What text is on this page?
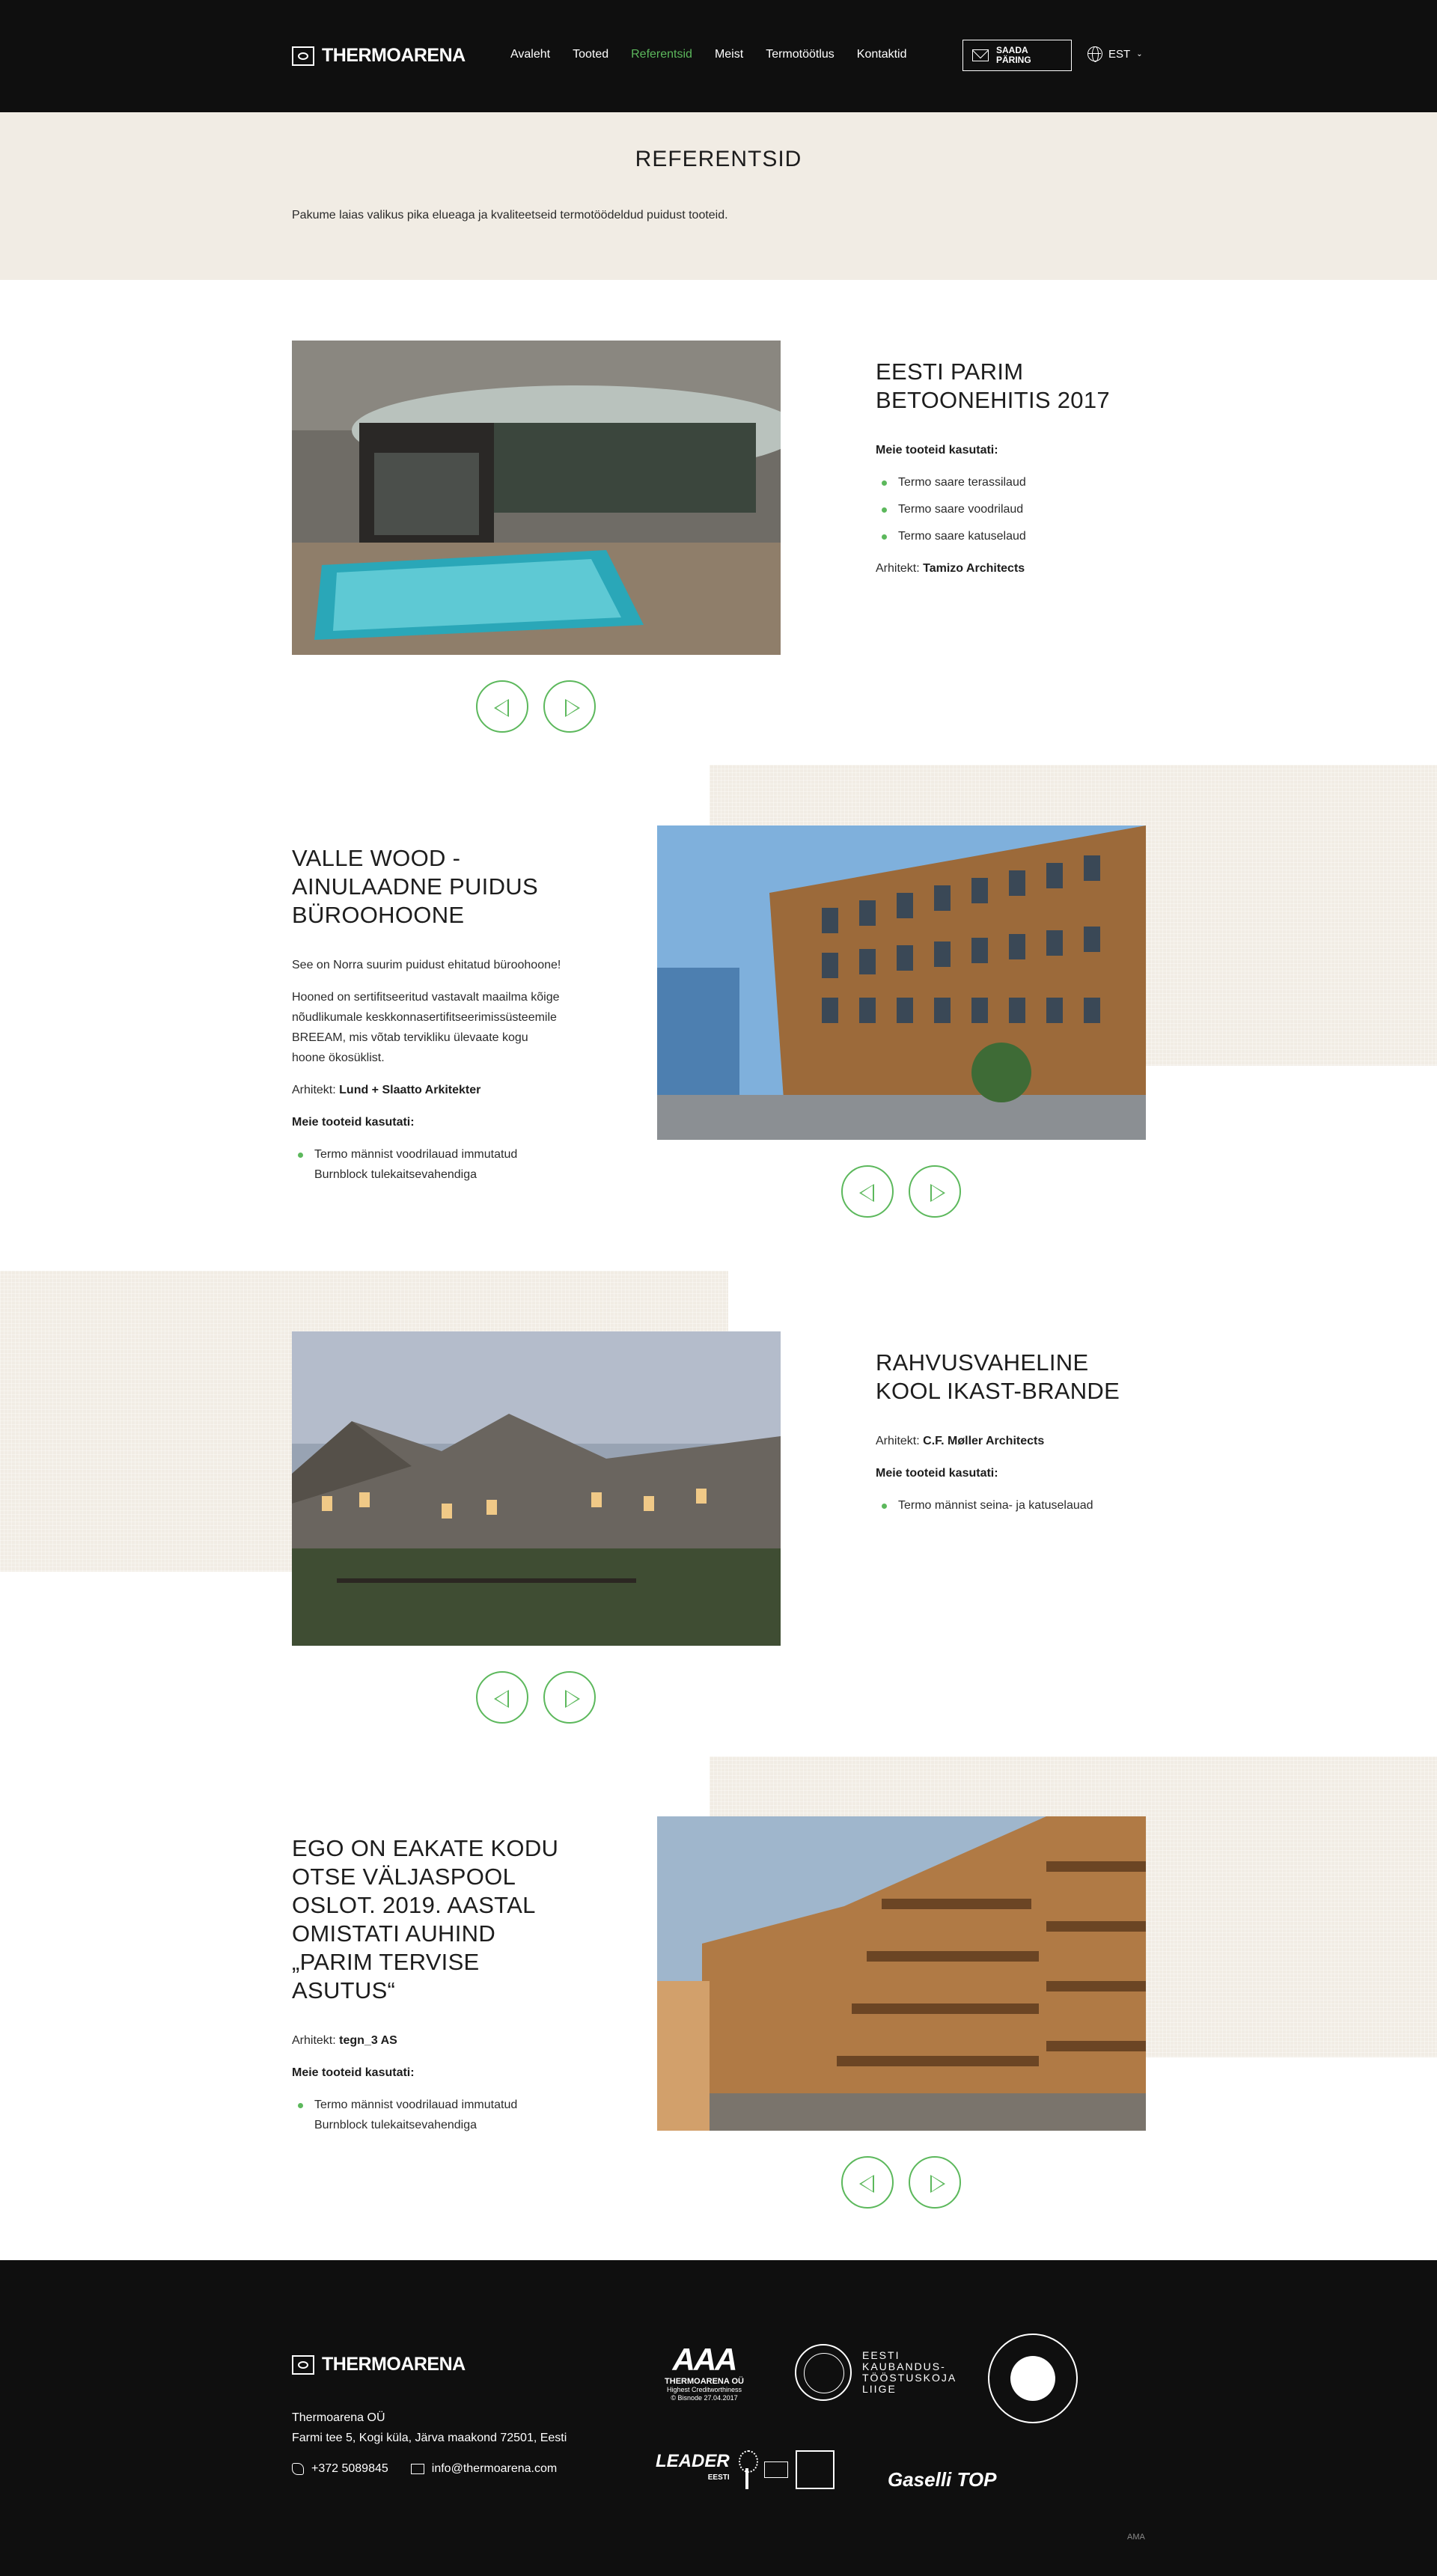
THERMOARENA	Avaleht Tooted Referentsid Meist Termotöötlus Kontaktid	SAADA PÄRING	EST ⌄
REFERENTSID

Pakume laias valikus pika elueaga ja kvaliteetseid termotöödeldud puidust tooteid.

EESTI PARIM BETOONEHITIS 2017

Meie tooteid kasutati:

Termo saare terassilaud
Termo saare voodrilaud
Termo saare katuselaud
Arhitekt: Tamizo Architects
VALLE WOOD - AINULAADNE PUIDUS BÜROOHOONE

See on Norra suurim puidust ehitatud büroohoone!

Hooned on sertifitseeritud vastavalt maailma kõige nõudlikumale keskkonnasertifitseerimissüsteemile BREEAM, mis võtab tervikliku ülevaate kogu hoone ökosüklist.

Arhitekt: Lund + Slaatto Arkitekter

Meie tooteid kasutati:

Termo männist voodrilauad immutatud Burnblock tulekaitsevahendiga
RAHVUSVAHELINE KOOL IKAST-BRANDE
Arhitekt: C.F. Møller Architects

Meie tooteid kasutati:

Termo männist seina- ja katuselauad
EGO ON EAKATE KODU OTSE VÄLJASPOOL OSLOT. 2019. AASTAL OMISTATI AUHIND „PARIM TERVISE ASUTUS“
Arhitekt: tegn_3 AS

Meie tooteid kasutati:

Termo männist voodrilauad immutatud Burnblock tulekaitsevahendiga
THERMOARENA
Thermoarena OÜ
Farmi tee 5, Kogi küla, Järva maakond 72501, Eesti
+372 5089845	info@thermoarena.com
AAA
THERMOARENA OÜ
Highest Creditworthiness
© Bisnode 27.04.2017
EESTI KAUBANDUS- TÖÖSTUSKOJA LIIGE
LEADER
EESTI	Gaselli TOP
AMA
